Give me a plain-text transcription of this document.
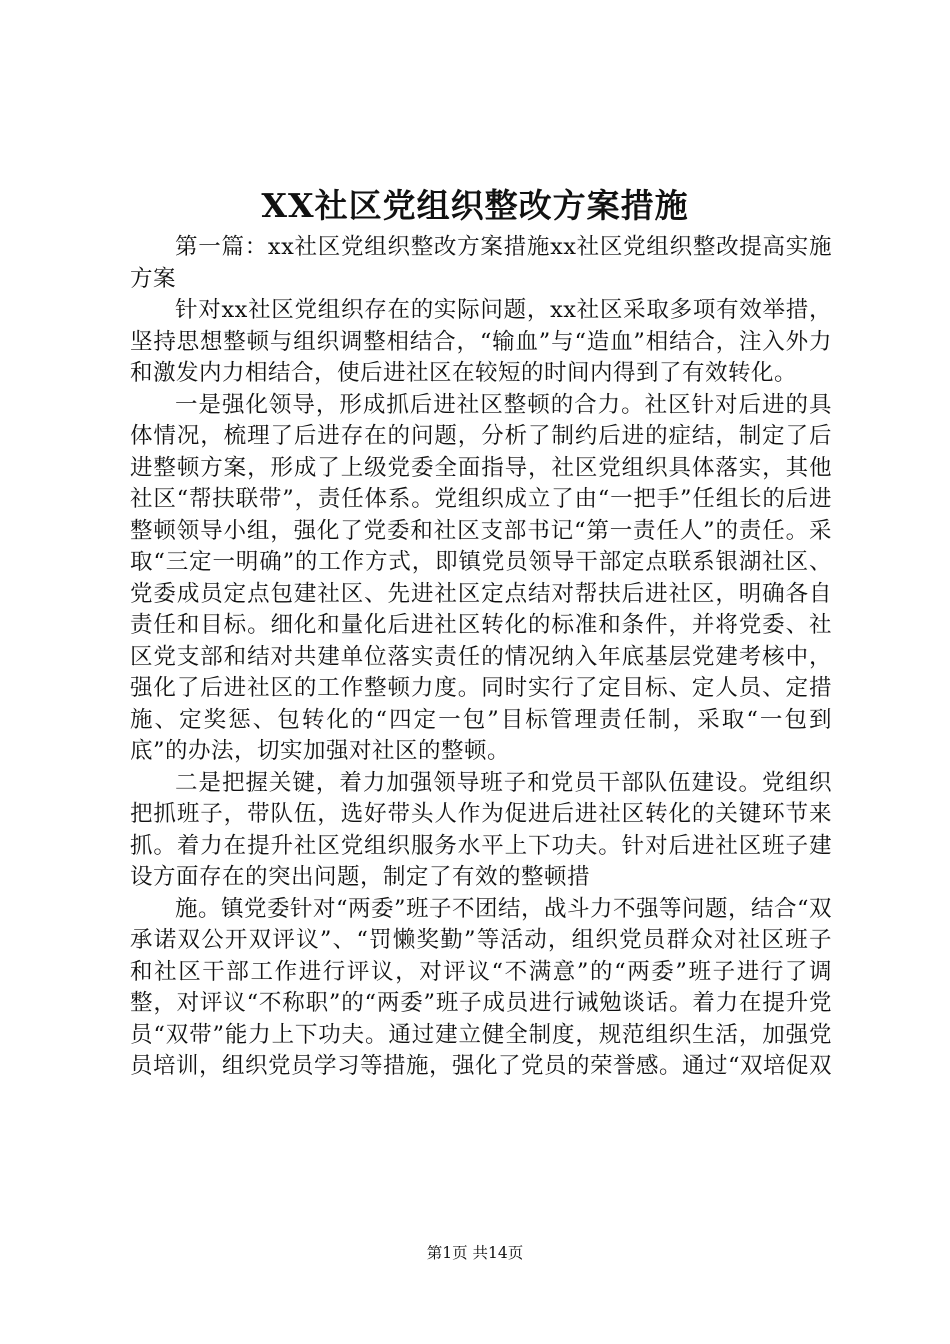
XX社区党组织整改方案措施

第一篇：xx社区党组织整改方案措施xx社区党组织整改提高实施方案

针对xx社区党组织存在的实际问题，xx社区采取多项有效举措，坚持思想整顿与组织调整相结合，“输血”与“造血”相结合，注入外力和激发内力相结合，使后进社区在较短的时间内得到了有效转化。

一是强化领导，形成抓后进社区整顿的合力。社区针对后进的具体情况，梳理了后进存在的问题，分析了制约后进的症结，制定了后进整顿方案，形成了上级党委全面指导，社区党组织具体落实，其他社区“帮扶联带”，责任体系。党组织成立了由“一把手”任组长的后进整顿领导小组，强化了党委和社区支部书记“第一责任人”的责任。采取“三定一明确”的工作方式，即镇党员领导干部定点联系银湖社区、党委成员定点包建社区、先进社区定点结对帮扶后进社区，明确各自责任和目标。细化和量化后进社区转化的标准和条件，并将党委、社区党支部和结对共建单位落实责任的情况纳入年底基层党建考核中，强化了后进社区的工作整顿力度。同时实行了定目标、定人员、定措施、定奖惩、包转化的“四定一包”目标管理责任制，采取“一包到底”的办法，切实加强对社区的整顿。

二是把握关键，着力加强领导班子和党员干部队伍建设。党组织把抓班子，带队伍，选好带头人作为促进后进社区转化的关键环节来抓。着力在提升社区党组织服务水平上下功夫。针对后进社区班子建设方面存在的突出问题，制定了有效的整顿措

施。镇党委针对“两委”班子不团结，战斗力不强等问题，结合“双承诺双公开双评议”、“罚懒奖勤”等活动，组织党员群众对社区班子和社区干部工作进行评议，对评议“不满意”的“两委”班子进行了调整，对评议“不称职”的“两委”班子成员进行诫勉谈话。着力在提升党员“双带”能力上下功夫。通过建立健全制度，规范组织生活，加强党员培训，组织党员学习等措施，强化了党员的荣誉感。通过“双培促双

第1页 共14页
